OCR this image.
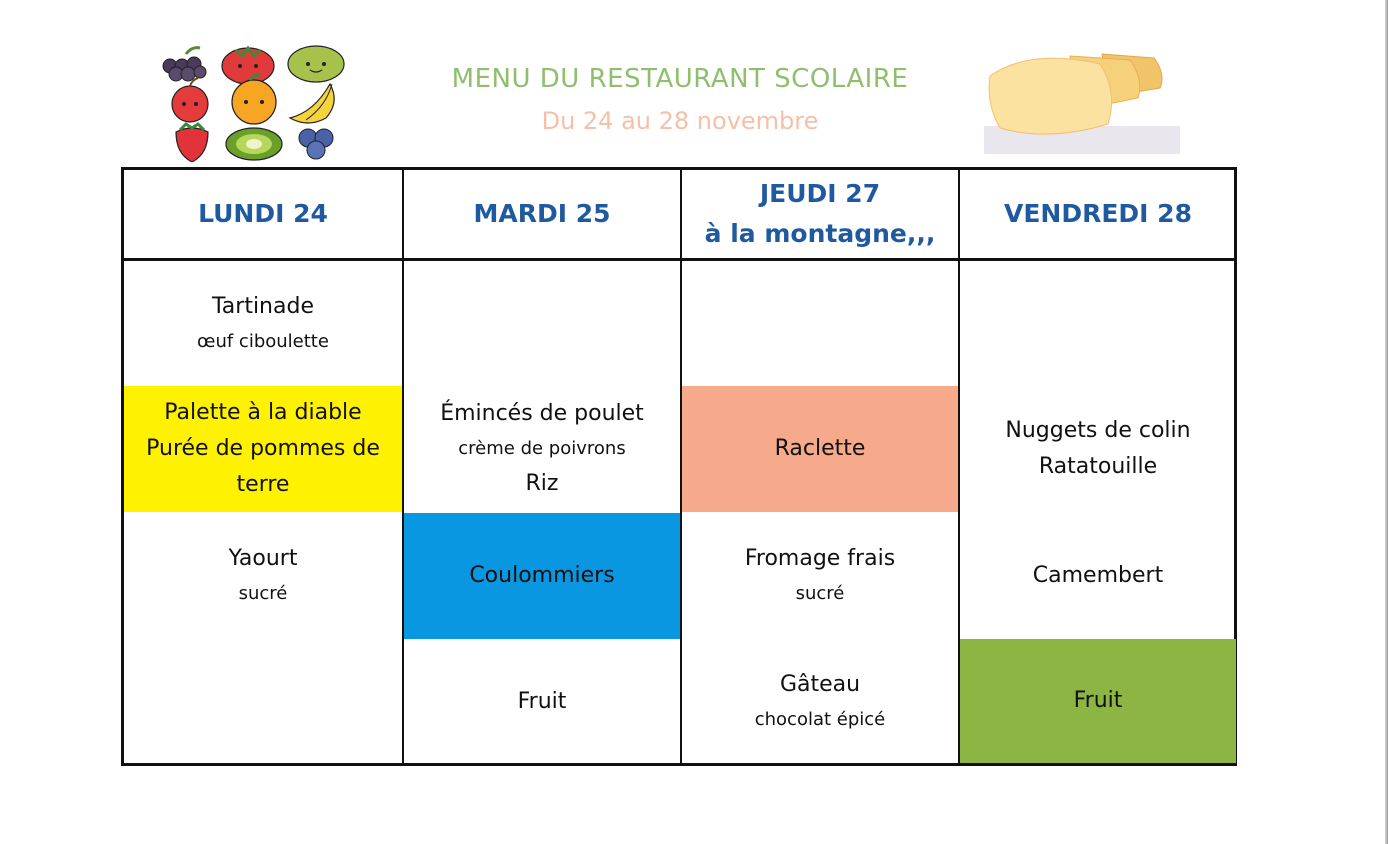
MENU DU RESTAURANT SCOLAIRE
Du 24 au 28 novembre
LUNDI 24
Tartinade
œuf ciboulette
Palette à la diable
Purée de pommes de
terre
Yaourt
sucré
MARDI 25
Émincés de poulet
crème de poivrons
Riz
Coulommiers
Fruit
JEUDI 27
à la montagne,,,
Raclette
Fromage frais
sucré
Gâteau
chocolat épicé
VENDREDI 28
Nuggets de colin
Ratatouille
Camembert
Fruit
